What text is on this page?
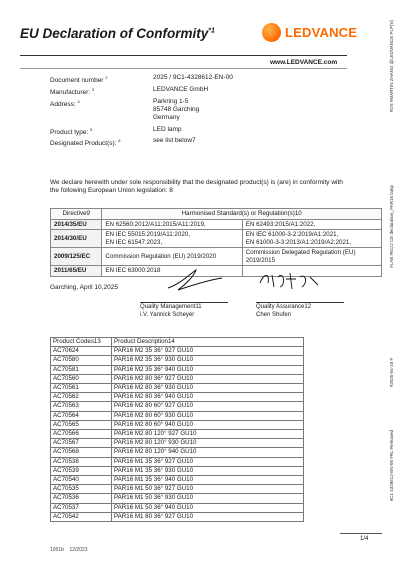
EU Declaration of Conformity$^{*1}$	LEDVANCE
www.LEDVANCE.com
Document number $^2$	2025 / 9C1-4328612-EN-00
Manufacturer: $^3$	LEDVANCE GmbH
Address: $^4$	Parkring 1-5
85748 Garching
Germany
Product type: $^5$	LED lamp
Designated Product(s): $^6$	see list below7
We declare herewith under sole responsibility that the designated product(s) is (are) in conformity with the following European Union legislation: 8
Directive9	Harmonised Standard(s) or Regulation(s)10	
2014/35/EU	EN 62560:2012/A11:2015/A11:2019,	EN 62493:2015/A1:2022,
2014/30/EU	EN IEC 55015:2019/A11:2020,
EN IEC 61547:2023,	EN IEC 61000-3-2:2019/A1:2021,
EN 61000-3-3:2013/A1:2019/A2:2021,
2009/125/EC	Commission Regulation (EU) 2019/2020	Commission Delegated Regulation (EU)
2019/2015
2011/65/EU	EN IEC 63000:2018	
Garching, April 10,2025
Quality Management11
i.V. Yannick Scheyer
Quality Assurance12
Chen Shufen
Product Codes13	Product Description14
AC70624	PAR16 M2 35 36° 927 GU10
AC70580	PAR16 M2 35 36° 930 GU10
AC70581	PAR16 M2 35 36° 940 GU10
AC70560	PAR16 M2 80 36° 927 GU10
AC70561	PAR16 M2 80 36° 930 GU10
AC70562	PAR16 M2 80 36° 940 GU10
AC70563	PAR16 M2 80 60° 927 GU10
AC70564	PAR16 M2 80 60° 930 GU10
AC70565	PAR16 M2 80 60° 940 GU10
AC70566	PAR16 M2 80 120° 927 GU10
AC70567	PAR16 M2 80 120° 930 GU10
AC70568	PAR16 M2 80 120° 940 GU10
AC70538	PAR16 M1 35 36° 927 GU10
AC70539	PAR16 M1 35 36° 930 GU10
AC70540	PAR16 M1 35 36° 940 GU10
AC70535	PAR16 M1 50 36° 927 GU10
AC70536	PAR16 M1 50 36° 930 GU10
AC70537	PAR16 M1 50 36° 940 GU10
AC70542	PAR16 M1 80 36° 927 GU10
1/4
1051b 12/2023
#DS #MARTIN ZHANG @LEDVANCE PLP(V)
#LAB #ECO CE declaration_PAR16 lamp
#2025-04-10 #
9C1 4328612-EN-00 #RL-Released
